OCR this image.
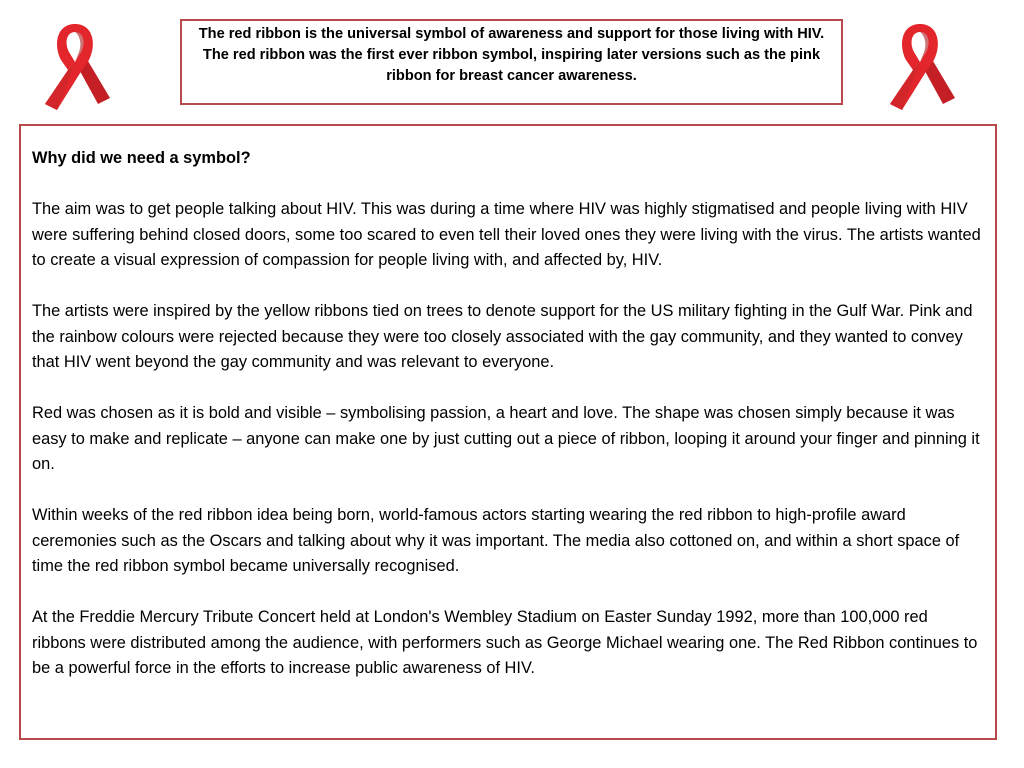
The red ribbon is the universal symbol of awareness and support for those living with HIV. The red ribbon was the first ever ribbon symbol, inspiring later versions such as the pink ribbon for breast cancer awareness.

Why did we need a symbol?

The aim was to get people talking about HIV. This was during a time where HIV was highly stigmatised and people living with HIV were suffering behind closed doors, some too scared to even tell their loved ones they were living with the virus. The artists wanted to create a visual expression of compassion for people living with, and affected by, HIV.

The artists were inspired by the yellow ribbons tied on trees to denote support for the US military fighting in the Gulf War. Pink and the rainbow colours were rejected because they were too closely associated with the gay community, and they wanted to convey that HIV went beyond the gay community and was relevant to everyone.

Red was chosen as it is bold and visible – symbolising passion, a heart and love. The shape was chosen simply because it was easy to make and replicate – anyone can make one by just cutting out a piece of ribbon, looping it around your finger and pinning it on.

Within weeks of the red ribbon idea being born, world-famous actors starting wearing the red ribbon to high-profile award ceremonies such as the Oscars and talking about why it was important. The media also cottoned on, and within a short space of time the red ribbon symbol became universally recognised.

At the Freddie Mercury Tribute Concert held at London's Wembley Stadium on Easter Sunday 1992, more than 100,000 red ribbons were distributed among the audience, with performers such as George Michael wearing one. The Red Ribbon continues to be a powerful force in the efforts to increase public awareness of HIV.
